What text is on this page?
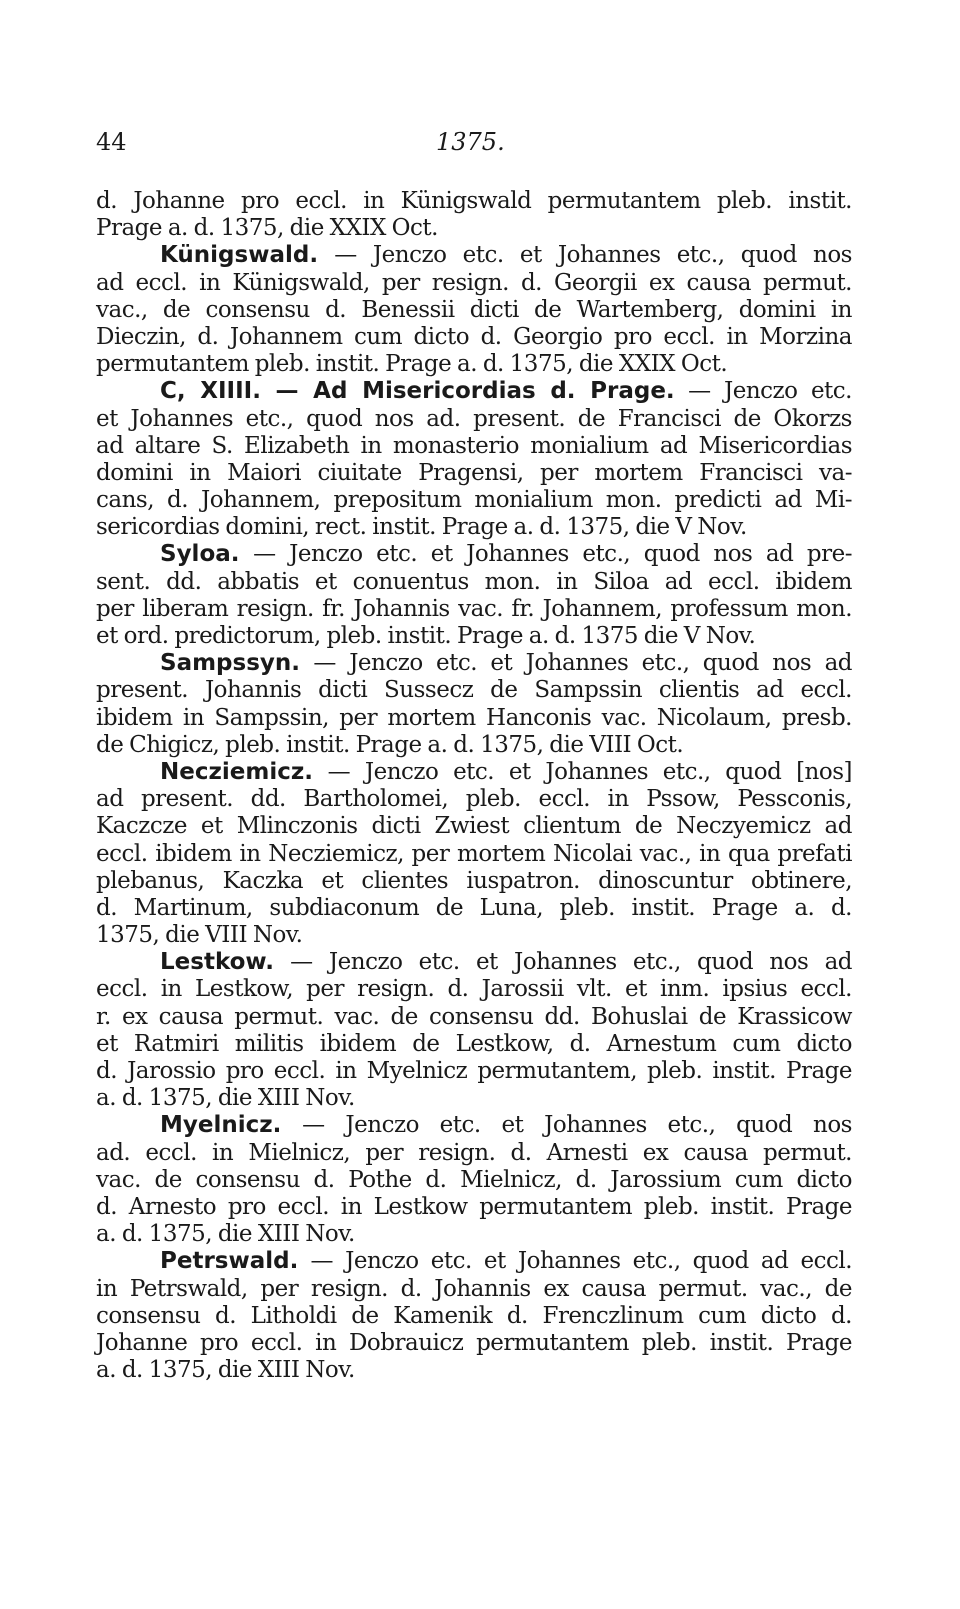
44	1375.
d. Johanne pro eccl. in Künigswald permutantem pleb. instit.
Prage a. d. 1375, die XXIX Oct.
Künigswald. — Jenczo etc. et Johannes etc., quod nos
ad eccl. in Künigswald, per resign. d. Georgii ex causa permut.
vac., de consensu d. Benessii dicti de Wartemberg, domini in
Dieczin, d. Johannem cum dicto d. Georgio pro eccl. in Morzina
permutantem pleb. instit. Prage a. d. 1375, die XXIX Oct.
C, XIIII. — Ad Misericordias d. Prage. — Jenczo etc.
et Johannes etc., quod nos ad. present. de Francisci de Okorzs
ad altare S. Elizabeth in monasterio monialium ad Misericordias
domini in Maiori ciuitate Pragensi, per mortem Francisci va-
cans, d. Johannem, prepositum monialium mon. predicti ad Mi-
sericordias domini, rect. instit. Prage a. d. 1375, die V Nov.
Syloa. — Jenczo etc. et Johannes etc., quod nos ad pre-
sent. dd. abbatis et conuentus mon. in Siloa ad eccl. ibidem
per liberam resign. fr. Johannis vac. fr. Johannem, professum mon.
et ord. predictorum, pleb. instit. Prage a. d. 1375 die V Nov.
Sampssyn. — Jenczo etc. et Johannes etc., quod nos ad
present. Johannis dicti Sussecz de Sampssin clientis ad eccl.
ibidem in Sampssin, per mortem Hanconis vac. Nicolaum, presb.
de Chigicz, pleb. instit. Prage a. d. 1375, die VIII Oct.
Necziemicz. — Jenczo etc. et Johannes etc., quod [nos]
ad present. dd. Bartholomei, pleb. eccl. in Pssow, Pessconis,
Kaczcze et Mlinczonis dicti Zwiest clientum de Neczyemicz ad
eccl. ibidem in Necziemicz, per mortem Nicolai vac., in qua prefati
plebanus, Kaczka et clientes iuspatron. dinoscuntur obtinere,
d. Martinum, subdiaconum de Luna, pleb. instit. Prage a. d.
1375, die VIII Nov.
Lestkow. — Jenczo etc. et Johannes etc., quod nos ad
eccl. in Lestkow, per resign. d. Jarossii vlt. et inm. ipsius eccl.
r. ex causa permut. vac. de consensu dd. Bohuslai de Krassicow
et Ratmiri militis ibidem de Lestkow, d. Arnestum cum dicto
d. Jarossio pro eccl. in Myelnicz permutantem, pleb. instit. Prage
a. d. 1375, die XIII Nov.
Myelnicz. — Jenczo etc. et Johannes etc., quod nos
ad. eccl. in Mielnicz, per resign. d. Arnesti ex causa permut.
vac. de consensu d. Pothe d. Mielnicz, d. Jarossium cum dicto
d. Arnesto pro eccl. in Lestkow permutantem pleb. instit. Prage
a. d. 1375, die XIII Nov.
Petrswald. — Jenczo etc. et Johannes etc., quod ad eccl.
in Petrswald, per resign. d. Johannis ex causa permut. vac., de
consensu d. Litholdi de Kamenik d. Frenczlinum cum dicto d.
Johanne pro eccl. in Dobrauicz permutantem pleb. instit. Prage
a. d. 1375, die XIII Nov.
